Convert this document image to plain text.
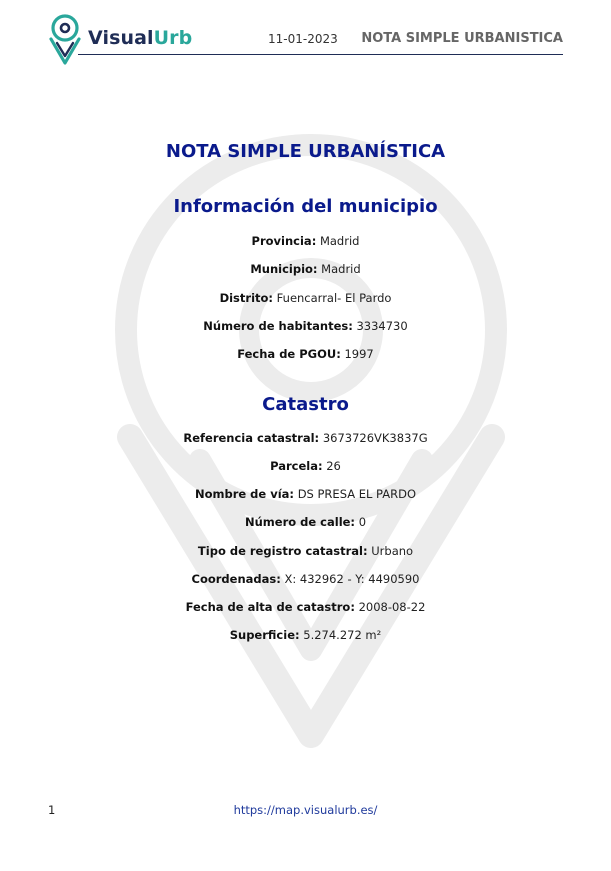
VisualUrb	11-01-2023 NOTA SIMPLE URBANISTICA
NOTA SIMPLE URBANÍSTICA
Información del municipio
Provincia: Madrid
Municipio: Madrid
Distrito: Fuencarral- El Pardo
Número de habitantes: 3334730
Fecha de PGOU: 1997
Catastro
Referencia catastral: 3673726VK3837G
Parcela: 26
Nombre de vía: DS PRESA EL PARDO
Número de calle: 0
Tipo de registro catastral: Urbano
Coordenadas: X: 432962 - Y: 4490590
Fecha de alta de catastro: 2008-08-22
Superficie: 5.274.272 m²
1	https://map.visualurb.es/
